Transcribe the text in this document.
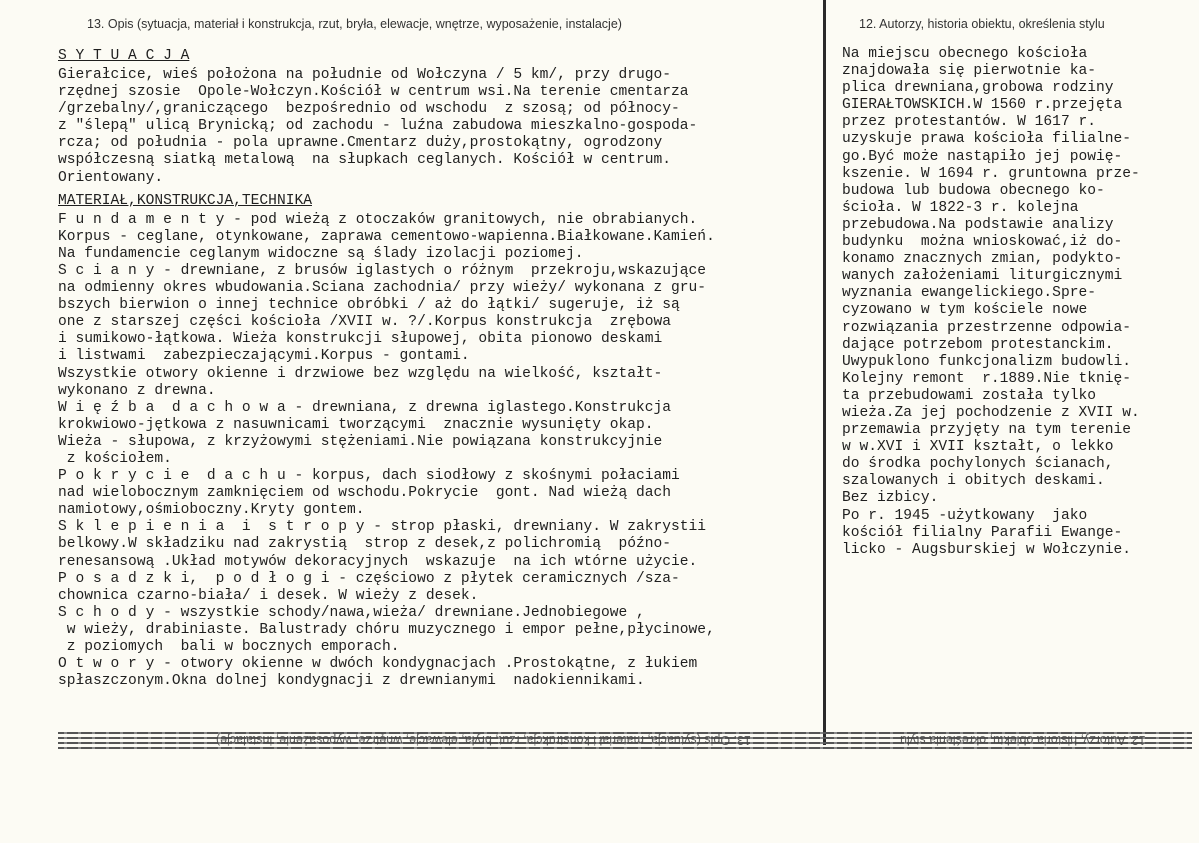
13. Opis (sytuacja, materiał i konstrukcja, rzut, bryła, elewacje, wnętrze, wyposażenie, instalacje)	12. Autorzy, historia obiektu, określenia stylu
S Y T U A C J A
Gierałcice, wieś położona na południe od Wołczyna / 5 km/, przy drugo-
rzędnej szosie  Opole-Wołczyn.Kościół w centrum wsi.Na terenie cmentarza
/grzebalny/,graniczącego  bezpośrednio od wschodu  z szosą; od północy-
z "ślepą" ulicą Brynicką; od zachodu - luźna zabudowa mieszkalno-gospoda-
rcza; od południa - pola uprawne.Cmentarz duży,prostokątny, ogrodzony
współczesną siatką metalową  na słupkach ceglanych. Kościół w centrum.
Orientowany.
MATERIAŁ,KONSTRUKCJA,TECHNIKA
F u n d a m e n t y - pod wieżą z otoczaków granitowych, nie obrabianych.
Korpus - ceglane, otynkowane, zaprawa cementowo-wapienna.Białkowane.Kamień.
Na fundamencie ceglanym widoczne są ślady izolacji poziomej.
Ś c i a n y - drewniane, z brusów iglastych o różnym  przekroju,wskazujące
na odmienny okres wbudowania.Ściana zachodnia/ przy wieży/ wykonana z gru-
bszych bierwion o innej technice obróbki / aż do łątki/ sugeruje, iż są
one z starszej części kościoła /XVII w. ?/.Korpus konstrukcja  zrębowa
i sumikowo-łątkowa. Wieża konstrukcji słupowej, obita pionowo deskami
i listwami  zabezpieczającymi.Korpus - gontami.
Wszystkie otwory okienne i drzwiowe bez względu na wielkość, kształt-
wykonano z drewna.
W i ę ź b a  d a c h o w a - drewniana, z drewna iglastego.Konstrukcja
krokwiowo-jętkowa z nasuwnicami tworzącymi  znacznie wysunięty okap.
Wieża - słupowa, z krzyżowymi stężeniami.Nie powiązana konstrukcyjnie
z kościołem.
P o k r y c i e  d a c h u - korpus, dach siodłowy z skośnymi połaciami
nad wielobocznym zamknięciem od wschodu.Pokrycie  gont. Nad wieżą dach
namiotowy,ośmioboczny.Kryty gontem.
S k l e p i e n i a  i  s t r o p y - strop płaski, drewniany. W zakrystii
belkowy.W składziku nad zakrystią  strop z desek,z polichromią  późno-
renesansową .Układ motywów dekoracyjnych  wskazuje  na ich wtórne użycie.
P o s a d z k i,  p o d ł o g i - częściowo z płytek ceramicznych /sza-
chownica czarno-biała/ i desek. W wieży z desek.
S c h o d y - wszystkie schody/nawa,wieża/ drewniane.Jednobiegowe ,
w wieży, drabiniaste. Balustrady chóru muzycznego i empor pełne,płycinowe,
z poziomych  bali w bocznych emporach.
O t w o r y - otwory okienne w dwóch kondygnacjach .Prostokątne, z łukiem
spłaszczonym.Okna dolnej kondygnacji z drewnianymi  nadokiennikami.
Na miejscu obecnego kościoła
znajdowała się pierwotnie ka-
plica drewniana,grobowa rodziny
GIERAŁTOWSKICH.W 1560 r.przejęta
przez protestantów. W 1617 r.
uzyskuje prawa kościoła filialne-
go.Być może nastąpiło jej powię-
kszenie. W 1694 r. gruntowna prze-
budowa lub budowa obecnego ko-
ścioła. W 1822-3 r. kolejna
przebudowa.Na podstawie analizy
budynku  można wnioskować,iż do-
konamo znacznych zmian, podykto-
wanych założeniami liturgicznymi
wyznania ewangelickiego.Spre-
cyzowano w tym kościele nowe
rozwiązania przestrzenne odpowia-
dające potrzebom protestanckim.
Uwypuklono funkcjonalizm budowli.
Kolejny remont  r.1889.Nie tknię-
ta przebudowami została tylko
wieża.Za jej pochodzenie z XVII w.
przemawia przyjęty na tym terenie
w w.XVI i XVII kształt, o lekko
do środka pochylonych ścianach,
szalowanych i obitych deskami.
Bez izbicy.
Po r. 1945 -użytkowany  jako
kościół filialny Parafii Ewange-
licko - Augsburskiej w Wołczynie.
13. Opis (sytuacja, materiał i konstrukcja, rzut, bryła, elewacje, wnętrze, wyposażenie, instalacje)	12. Autorzy, historia obiektu, określenia stylu
